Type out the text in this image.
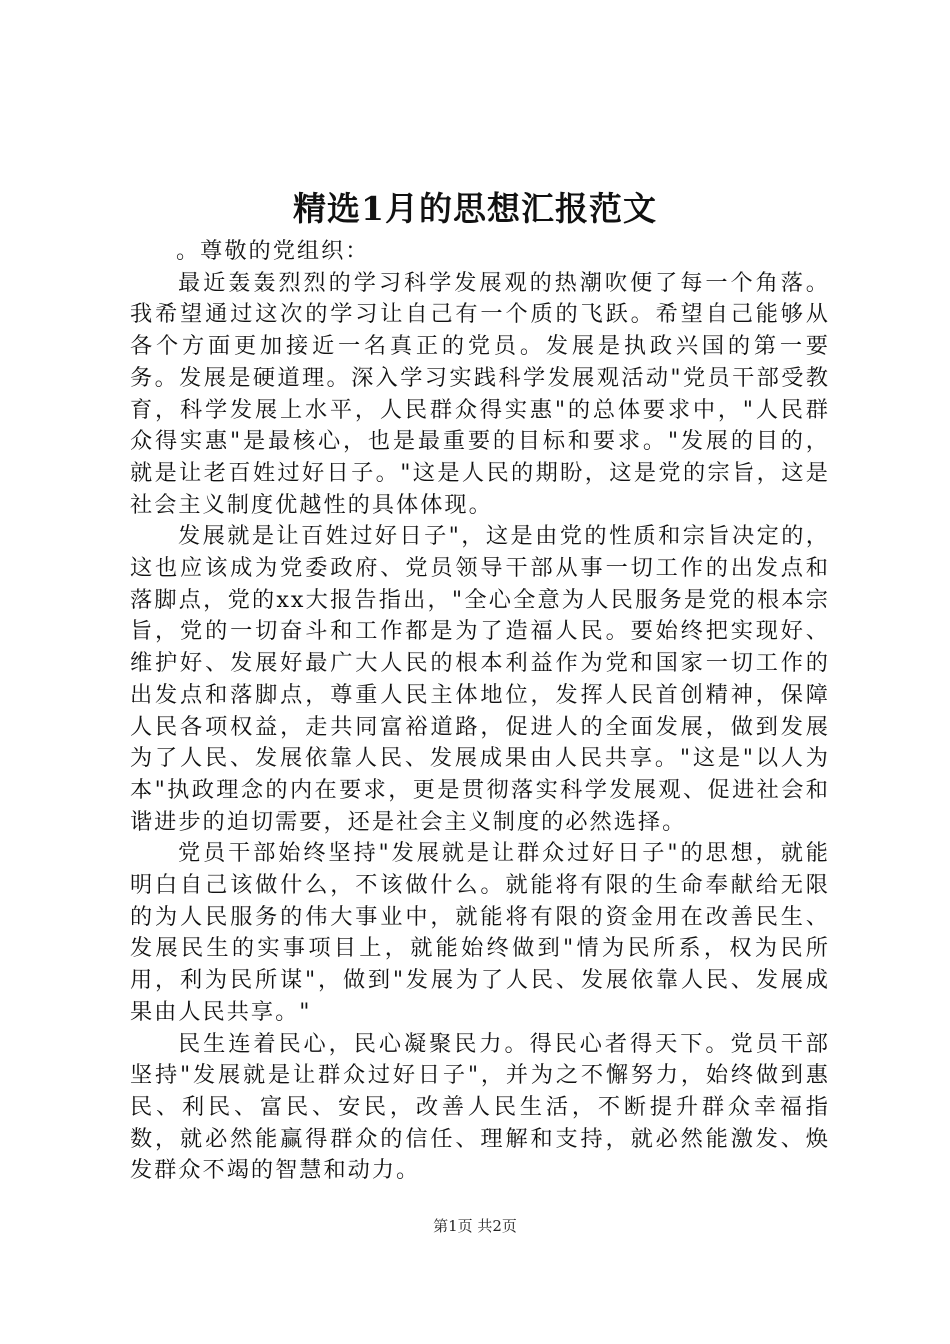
精选1月的思想汇报范文

。尊敬的党组织：

最近轰轰烈烈的学习科学发展观的热潮吹便了每一个角落。我希望通过这次的学习让自己有一个质的飞跃。希望自己能够从各个方面更加接近一名真正的党员。发展是执政兴国的第一要务。发展是硬道理。深入学习实践科学发展观活动"党员干部受教育，科学发展上水平，人民群众得实惠"的总体要求中，"人民群众得实惠"是最核心，也是最重要的目标和要求。"发展的目的，就是让老百姓过好日子。"这是人民的期盼，这是党的宗旨，这是社会主义制度优越性的具体体现。

发展就是让百姓过好日子"，这是由党的性质和宗旨决定的，这也应该成为党委政府、党员领导干部从事一切工作的出发点和落脚点，党的xx大报告指出，"全心全意为人民服务是党的根本宗旨，党的一切奋斗和工作都是为了造福人民。要始终把实现好、维护好、发展好最广大人民的根本利益作为党和国家一切工作的出发点和落脚点，尊重人民主体地位，发挥人民首创精神，保障人民各项权益，走共同富裕道路，促进人的全面发展，做到发展为了人民、发展依靠人民、发展成果由人民共享。"这是"以人为本"执政理念的内在要求，更是贯彻落实科学发展观、促进社会和谐进步的迫切需要，还是社会主义制度的必然选择。

党员干部始终坚持"发展就是让群众过好日子"的思想，就能明白自己该做什么，不该做什么。就能将有限的生命奉献给无限的为人民服务的伟大事业中，就能将有限的资金用在改善民生、发展民生的实事项目上，就能始终做到"情为民所系，权为民所用，利为民所谋"，做到"发展为了人民、发展依靠人民、发展成果由人民共享。"

民生连着民心，民心凝聚民力。得民心者得天下。党员干部坚持"发展就是让群众过好日子"，并为之不懈努力，始终做到惠民、利民、富民、安民，改善人民生活，不断提升群众幸福指数，就必然能赢得群众的信任、理解和支持，就必然能激发、焕发群众不竭的智慧和动力。

第1页 共2页
